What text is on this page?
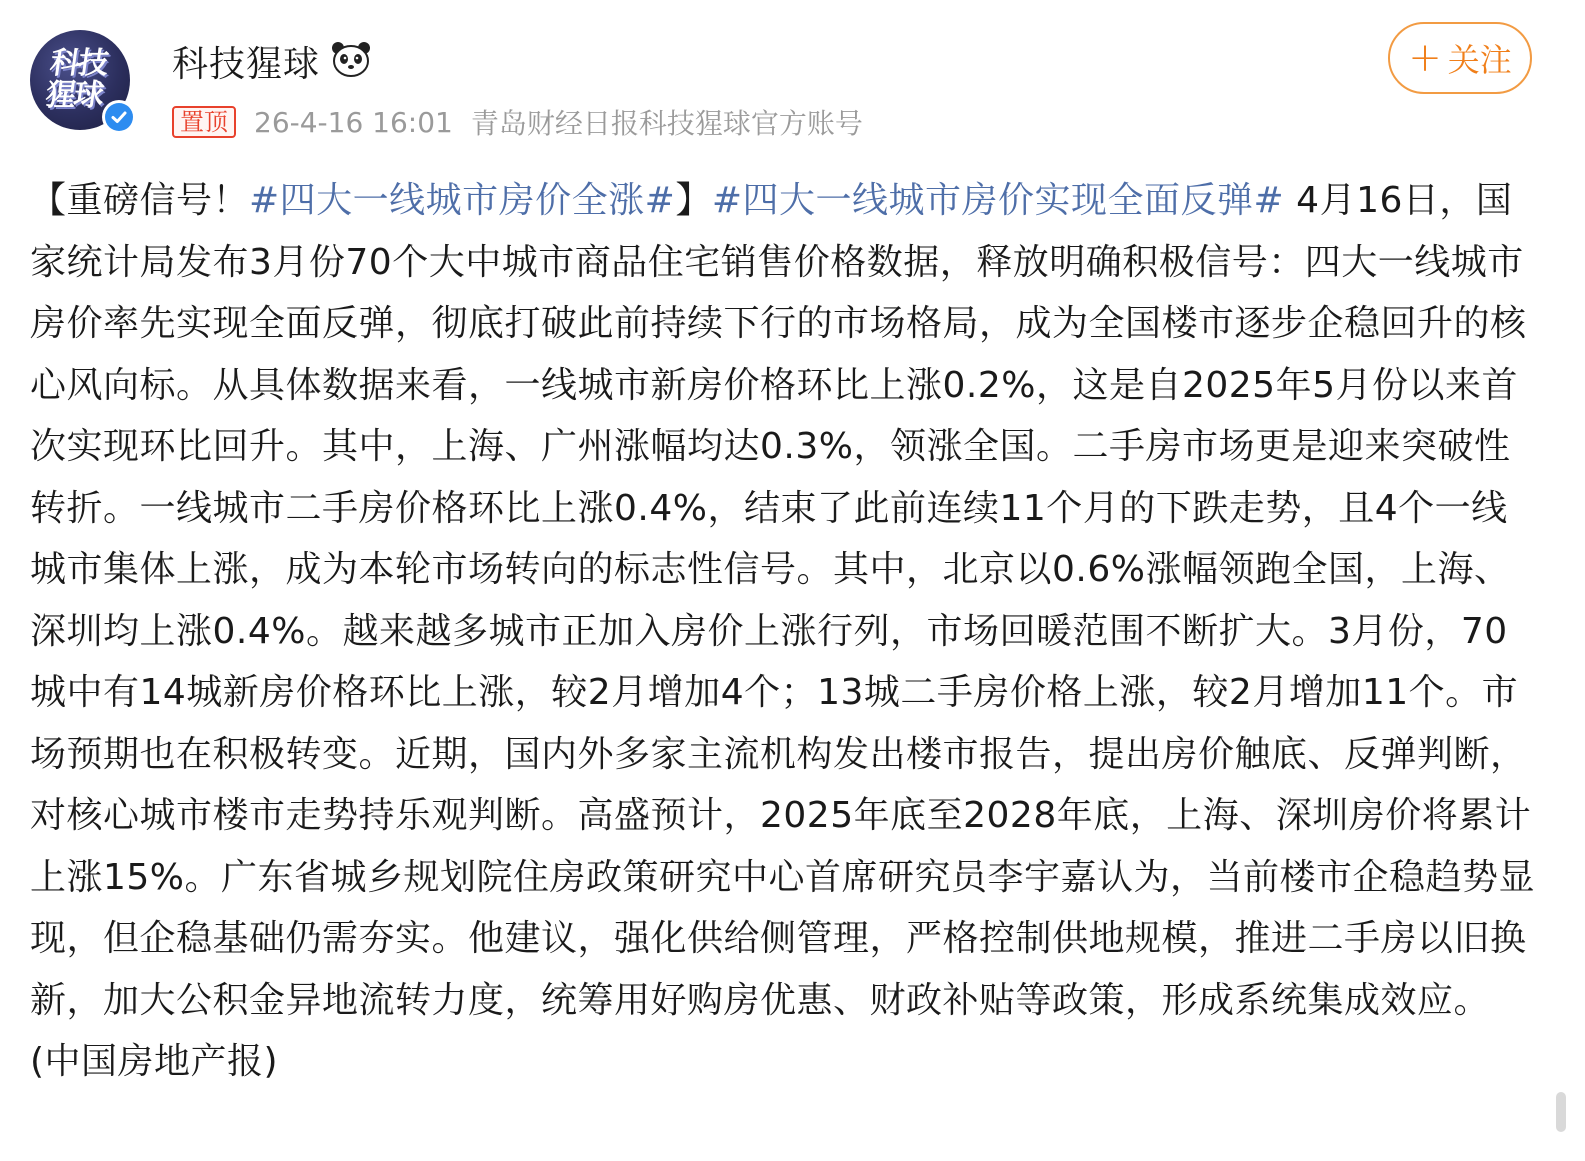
科技猩球
科技猩球
置顶 26-4-16 16:01 青岛财经日报科技猩球官方账号
+ 关注
【重磅信号！#四大一线城市房价全涨#】#四大一线城市房价实现全面反弹# 4月16日，国家统计局发布3月份70个大中城市商品住宅销售价格数据，释放明确积极信号：四大一线城市房价率先实现全面反弹，彻底打破此前持续下行的市场格局，成为全国楼市逐步企稳回升的核心风向标。从具体数据来看，一线城市新房价格环比上涨0.2%，这是自2025年5月份以来首次实现环比回升。其中，上海、广州涨幅均达0.3%，领涨全国。二手房市场更是迎来突破性转折。一线城市二手房价格环比上涨0.4%，结束了此前连续11个月的下跌走势，且4个一线城市集体上涨，成为本轮市场转向的标志性信号。其中，北京以0.6%涨幅领跑全国，上海、深圳均上涨0.4%。越来越多城市正加入房价上涨行列，市场回暖范围不断扩大。3月份，70城中有14城新房价格环比上涨，较2月增加4个；13城二手房价格上涨，较2月增加11个。市场预期也在积极转变。近期，国内外多家主流机构发出楼市报告，提出房价触底、反弹判断，对核心城市楼市走势持乐观判断。高盛预计，2025年底至2028年底，上海、深圳房价将累计上涨15%。广东省城乡规划院住房政策研究中心首席研究员李宇嘉认为，当前楼市企稳趋势显现，但企稳基础仍需夯实。他建议，强化供给侧管理，严格控制供地规模，推进二手房以旧换新，加大公积金异地流转力度，统筹用好购房优惠、财政补贴等政策，形成系统集成效应。(中国房地产报)
